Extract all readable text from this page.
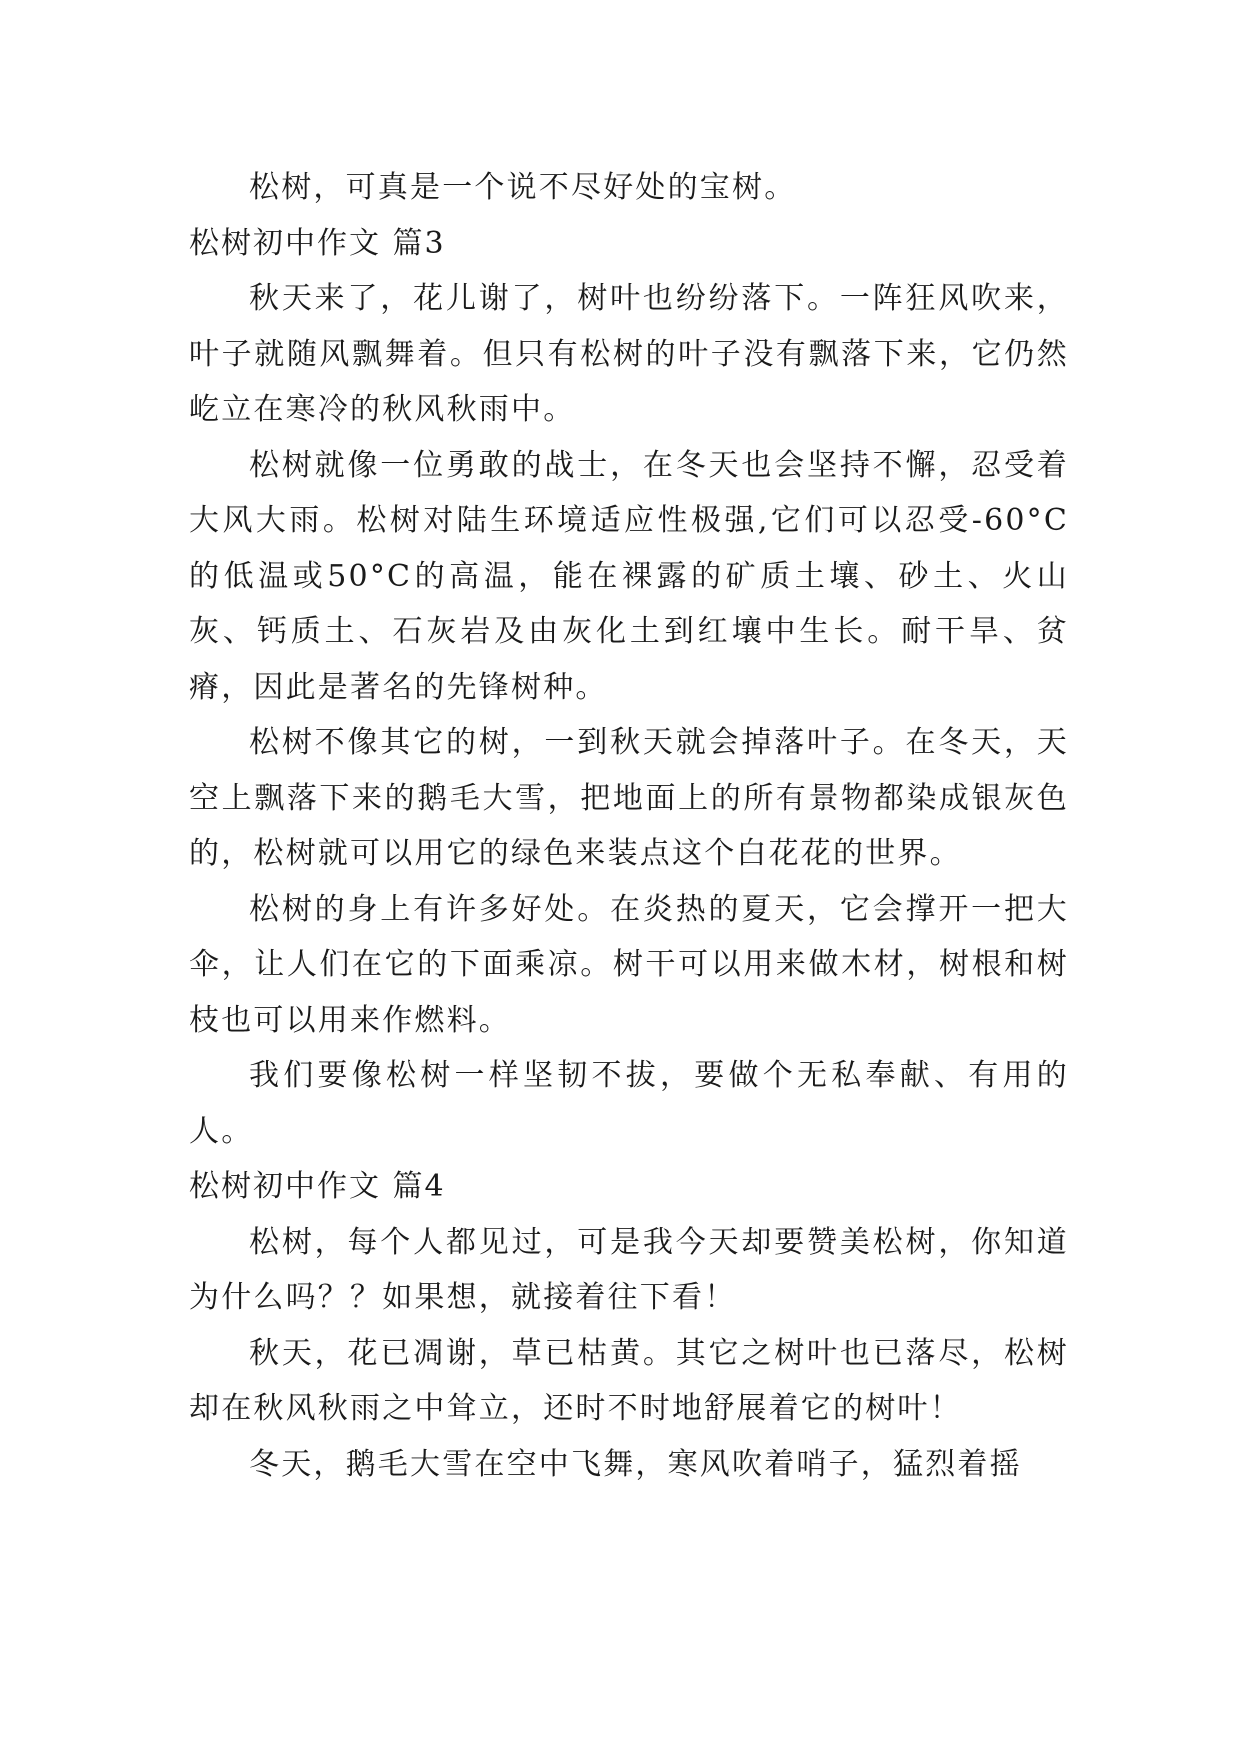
松树，可真是一个说不尽好处的宝树。

松树初中作文 篇3

秋天来了，花儿谢了，树叶也纷纷落下。一阵狂风吹来，叶子就随风飘舞着。但只有松树的叶子没有飘落下来，它仍然屹立在寒冷的秋风秋雨中。

松树就像一位勇敢的战士，在冬天也会坚持不懈，忍受着大风大雨。松树对陆生环境适应性极强,它们可以忍受-60°C的低温或50°C的高温，能在裸露的矿质土壤、砂土、火山灰、钙质土、石灰岩及由灰化土到红壤中生长。耐干旱、贫瘠，因此是著名的先锋树种。

松树不像其它的树，一到秋天就会掉落叶子。在冬天，天空上飘落下来的鹅毛大雪，把地面上的所有景物都染成银灰色的，松树就可以用它的绿色来装点这个白花花的世界。

松树的身上有许多好处。在炎热的夏天，它会撑开一把大伞，让人们在它的下面乘凉。树干可以用来做木材，树根和树枝也可以用来作燃料。

我们要像松树一样坚韧不拔，要做个无私奉献、有用的人。

松树初中作文 篇4

松树，每个人都见过，可是我今天却要赞美松树，你知道为什么吗？？如果想，就接着往下看！

秋天，花已凋谢，草已枯黄。其它之树叶也已落尽，松树却在秋风秋雨之中耸立，还时不时地舒展着它的树叶！

冬天，鹅毛大雪在空中飞舞，寒风吹着哨子，猛烈着摇
